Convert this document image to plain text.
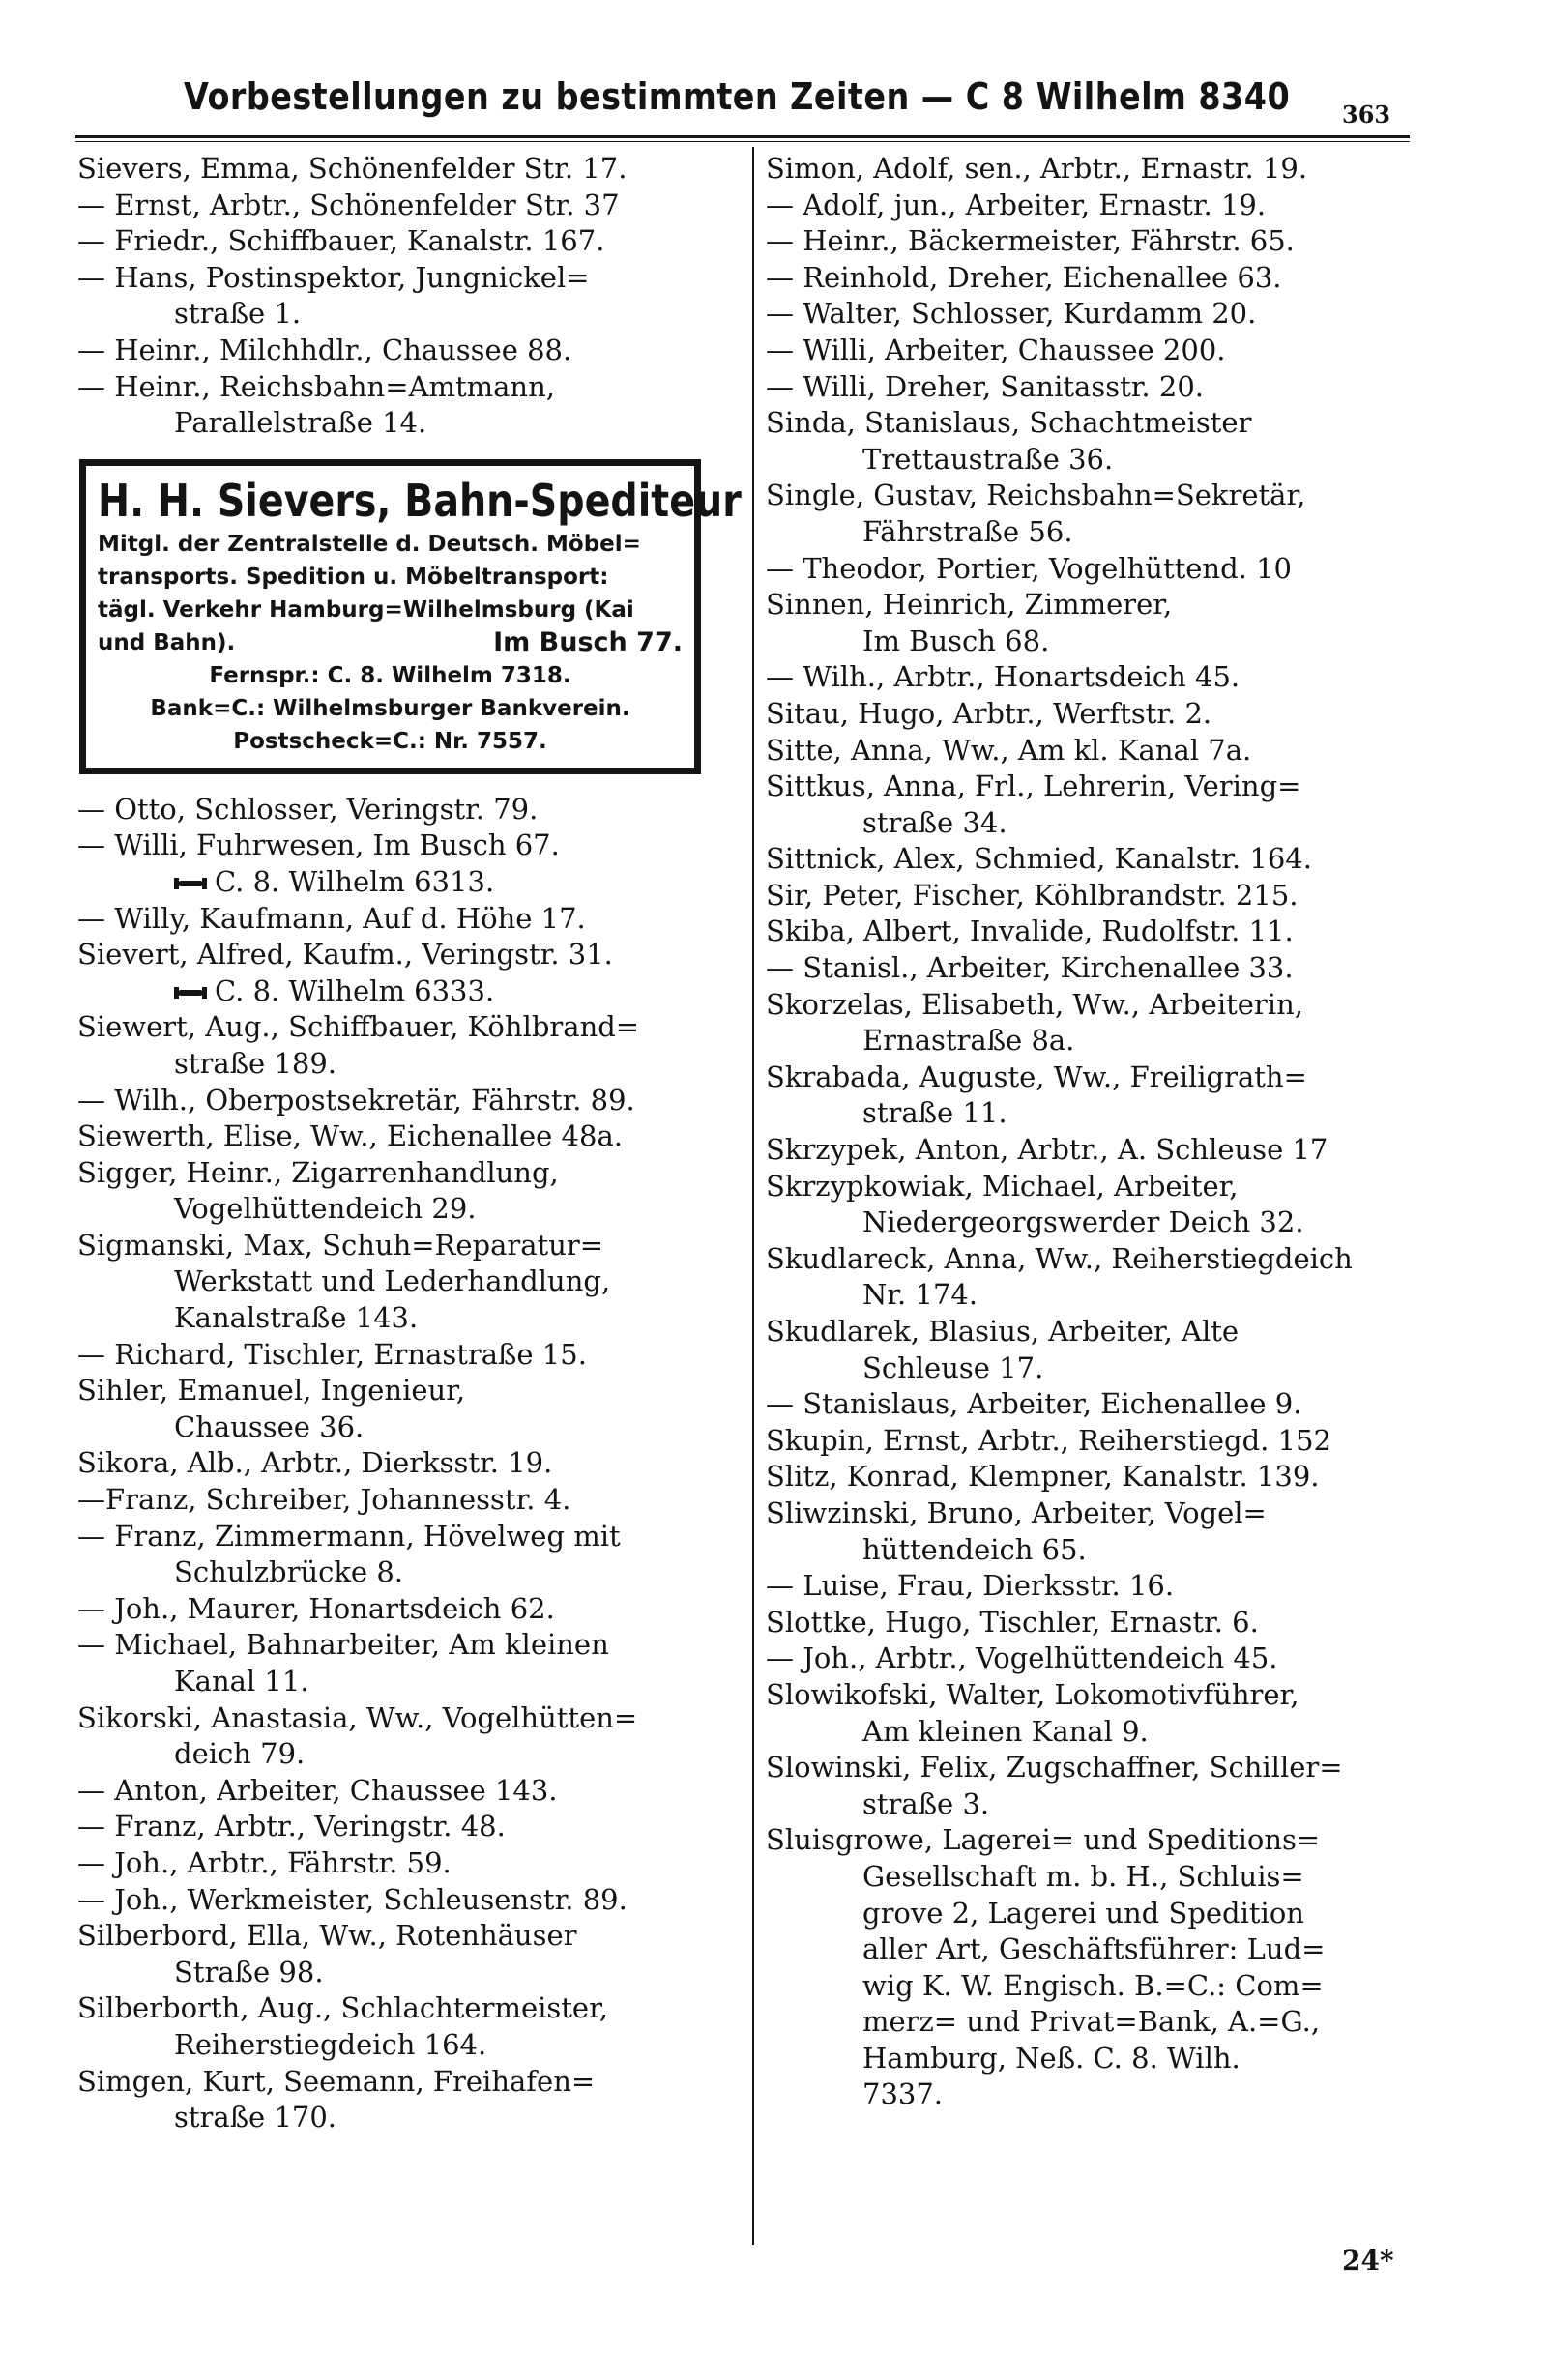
Vorbestellungen zu bestimmten Zeiten — C 8 Wilhelm 8340 363
Sievers, Emma, Schönenfelder Str. 17.
— Ernst, Arbtr., Schönenfelder Str. 37
— Friedr., Schiffbauer, Kanalstr. 167.
— Hans, Postinspektor, Jungnickel=
straße 1.
— Heinr., Milchhdlr., Chaussee 88.
— Heinr., Reichsbahn=Amtmann,
Parallelstraße 14.
H. H. Sievers, Bahn-Spediteur
Mitgl. der Zentralstelle d. Deutsch. Möbel=
transports. Spedition u. Möbeltransport:
tägl. Verkehr Hamburg=Wilhelmsburg (Kai
und Bahn).	Im Busch 77.
Fernspr.: C. 8. Wilhelm 7318.
Bank=C.: Wilhelmsburger Bankverein.
Postscheck=C.: Nr. 7557.
— Otto, Schlosser, Veringstr. 79.
— Willi, Fuhrwesen, Im Busch 67.
C. 8. Wilhelm 6313.
— Willy, Kaufmann, Auf d. Höhe 17.
Sievert, Alfred, Kaufm., Veringstr. 31.
C. 8. Wilhelm 6333.
Siewert, Aug., Schiffbauer, Köhlbrand=
straße 189.
— Wilh., Oberpostsekretär, Fährstr. 89.
Siewerth, Elise, Ww., Eichenallee 48a.
Sigger, Heinr., Zigarrenhandlung,
Vogelhüttendeich 29.
Sigmanski, Max, Schuh=Reparatur=
Werkstatt und Lederhandlung,
Kanalstraße 143.
— Richard, Tischler, Ernastraße 15.
Sihler, Emanuel, Ingenieur,
Chaussee 36.
Sikora, Alb., Arbtr., Dierksstr. 19.
—Franz, Schreiber, Johannesstr. 4.
— Franz, Zimmermann, Hövelweg mit
Schulzbrücke 8.
— Joh., Maurer, Honartsdeich 62.
— Michael, Bahnarbeiter, Am kleinen
Kanal 11.
Sikorski, Anastasia, Ww., Vogelhütten=
deich 79.
— Anton, Arbeiter, Chaussee 143.
— Franz, Arbtr., Veringstr. 48.
— Joh., Arbtr., Fährstr. 59.
— Joh., Werkmeister, Schleusenstr. 89.
Silberbord, Ella, Ww., Rotenhäuser
Straße 98.
Silberborth, Aug., Schlachtermeister,
Reiherstiegdeich 164.
Simgen, Kurt, Seemann, Freihafen=
straße 170.
Simon, Adolf, sen., Arbtr., Ernastr. 19.
— Adolf, jun., Arbeiter, Ernastr. 19.
— Heinr., Bäckermeister, Fährstr. 65.
— Reinhold, Dreher, Eichenallee 63.
— Walter, Schlosser, Kurdamm 20.
— Willi, Arbeiter, Chaussee 200.
— Willi, Dreher, Sanitasstr. 20.
Sinda, Stanislaus, Schachtmeister
Trettaustraße 36.
Single, Gustav, Reichsbahn=Sekretär,
Fährstraße 56.
— Theodor, Portier, Vogelhüttend. 10
Sinnen, Heinrich, Zimmerer,
Im Busch 68.
— Wilh., Arbtr., Honartsdeich 45.
Sitau, Hugo, Arbtr., Werftstr. 2.
Sitte, Anna, Ww., Am kl. Kanal 7a.
Sittkus, Anna, Frl., Lehrerin, Vering=
straße 34.
Sittnick, Alex, Schmied, Kanalstr. 164.
Sir, Peter, Fischer, Köhlbrandstr. 215.
Skiba, Albert, Invalide, Rudolfstr. 11.
— Stanisl., Arbeiter, Kirchenallee 33.
Skorzelas, Elisabeth, Ww., Arbeiterin,
Ernastraße 8a.
Skrabada, Auguste, Ww., Freiligrath=
straße 11.
Skrzypek, Anton, Arbtr., A. Schleuse 17
Skrzypkowiak, Michael, Arbeiter,
Niedergeorgswerder Deich 32.
Skudlareck, Anna, Ww., Reiherstiegdeich
Nr. 174.
Skudlarek, Blasius, Arbeiter, Alte
Schleuse 17.
— Stanislaus, Arbeiter, Eichenallee 9.
Skupin, Ernst, Arbtr., Reiherstiegd. 152
Slitz, Konrad, Klempner, Kanalstr. 139.
Sliwzinski, Bruno, Arbeiter, Vogel=
hüttendeich 65.
— Luise, Frau, Dierksstr. 16.
Slottke, Hugo, Tischler, Ernastr. 6.
— Joh., Arbtr., Vogelhüttendeich 45.
Slowikofski, Walter, Lokomotivführer,
Am kleinen Kanal 9.
Slowinski, Felix, Zugschaffner, Schiller=
straße 3.
Sluisgrowe, Lagerei= und Speditions=
Gesellschaft m. b. H., Schluis=
grove 2, Lagerei und Spedition
aller Art, Geschäftsführer: Lud=
wig K. W. Engisch. B.=C.: Com=
merz= und Privat=Bank, A.=G.,
Hamburg, Neß. C. 8. Wilh.
7337.
24*
